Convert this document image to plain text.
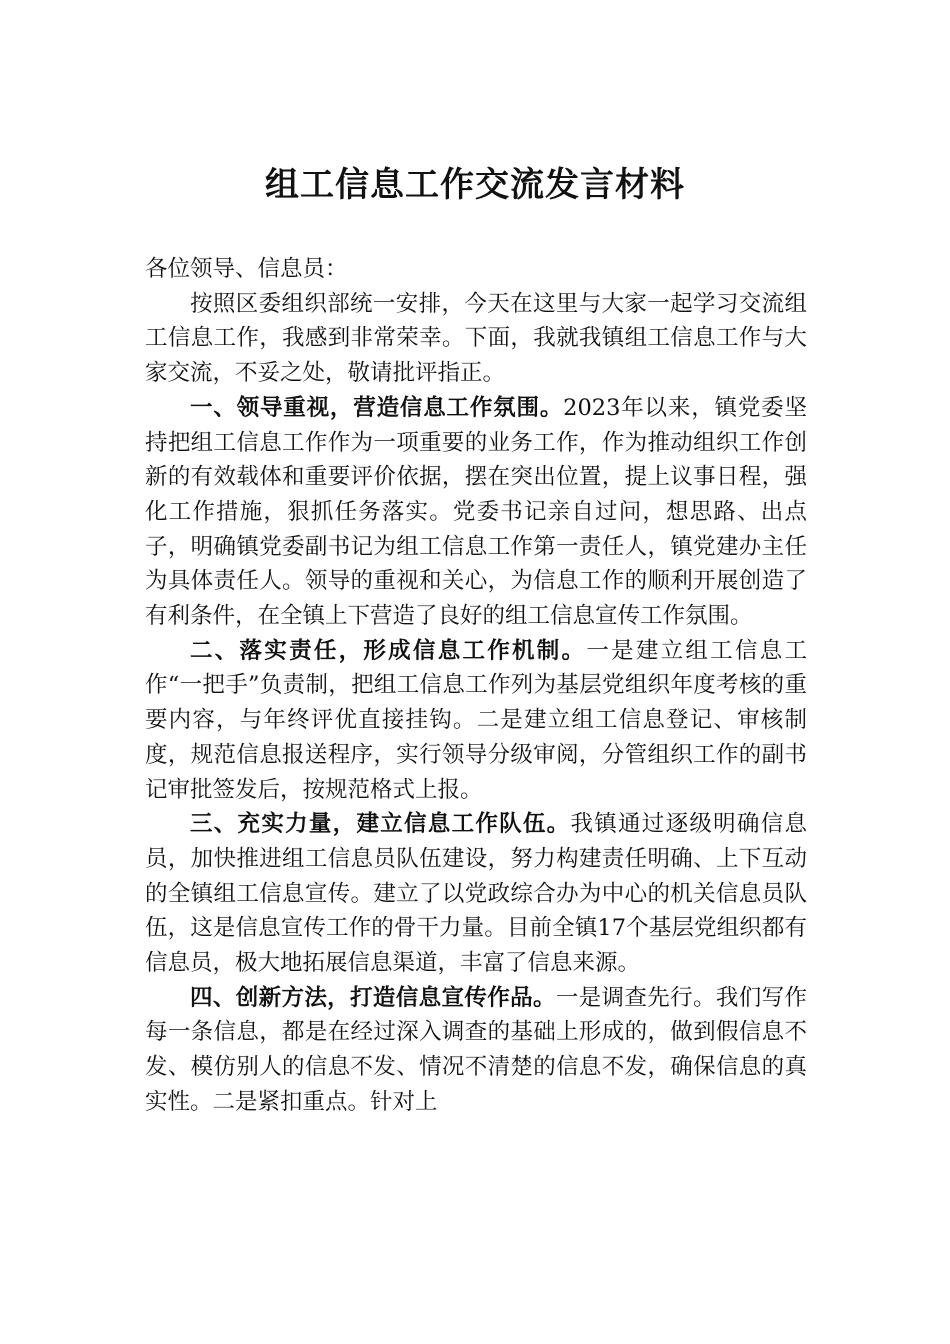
组工信息工作交流发言材料

各位领导、信息员：

按照区委组织部统一安排，今天在这里与大家一起学习交流组工信息工作，我感到非常荣幸。下面，我就我镇组工信息工作与大家交流，不妥之处，敬请批评指正。

一、领导重视，营造信息工作氛围。2023年以来，镇党委坚持把组工信息工作作为一项重要的业务工作，作为推动组织工作创新的有效载体和重要评价依据，摆在突出位置，提上议事日程，强化工作措施，狠抓任务落实。党委书记亲自过问，想思路、出点子，明确镇党委副书记为组工信息工作第一责任人，镇党建办主任为具体责任人。领导的重视和关心，为信息工作的顺利开展创造了有利条件，在全镇上下营造了良好的组工信息宣传工作氛围。

二、落实责任，形成信息工作机制。一是建立组工信息工作“一把手”负责制，把组工信息工作列为基层党组织年度考核的重要内容，与年终评优直接挂钩。二是建立组工信息登记、审核制度，规范信息报送程序，实行领导分级审阅，分管组织工作的副书记审批签发后，按规范格式上报。

三、充实力量，建立信息工作队伍。我镇通过逐级明确信息员，加快推进组工信息员队伍建设，努力构建责任明确、上下互动的全镇组工信息宣传。建立了以党政综合办为中心的机关信息员队伍，这是信息宣传工作的骨干力量。目前全镇17个基层党组织都有信息员，极大地拓展信息渠道，丰富了信息来源。

四、创新方法，打造信息宣传作品。一是调查先行。我们写作每一条信息，都是在经过深入调查的基础上形成的，做到假信息不发、模仿别人的信息不发、情况不清楚的信息不发，确保信息的真实性。二是紧扣重点。针对上
